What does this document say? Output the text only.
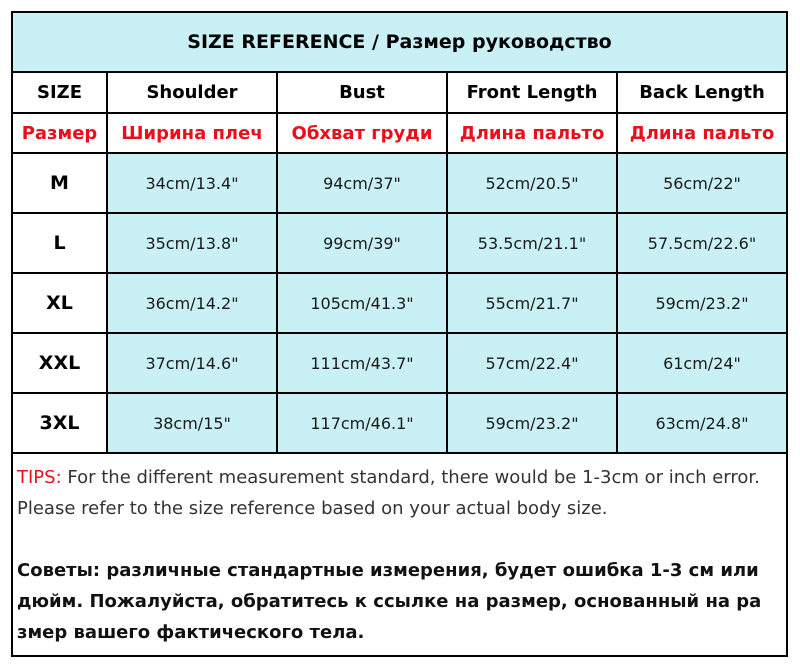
SIZE REFERENCE / Размер руководство
SIZE	Shoulder	Bust	Front Length	Back Length
Размер	Ширина плеч	Обхват груди	Длина пальто	Длина пальто
M	34cm/13.4"	94cm/37"	52cm/20.5"	56cm/22"
L	35cm/13.8"	99cm/39"	53.5cm/21.1"	57.5cm/22.6"
XL	36cm/14.2"	105cm/41.3"	55cm/21.7"	59cm/23.2"
XXL	37cm/14.6"	111cm/43.7"	57cm/22.4"	61cm/24"
3XL	38cm/15"	117cm/46.1"	59cm/23.2"	63cm/24.8"
TIPS: For the different measurement standard, there would be 1-3cm or inch error. Please refer to the size reference based on your actual body size.
Советы: различные стандартные измерения, будет ошибка 1-3 см или дюйм. Пожалуйста, обратитесь к ссылке на размер, основанный на ра змер вашего фактического тела.
